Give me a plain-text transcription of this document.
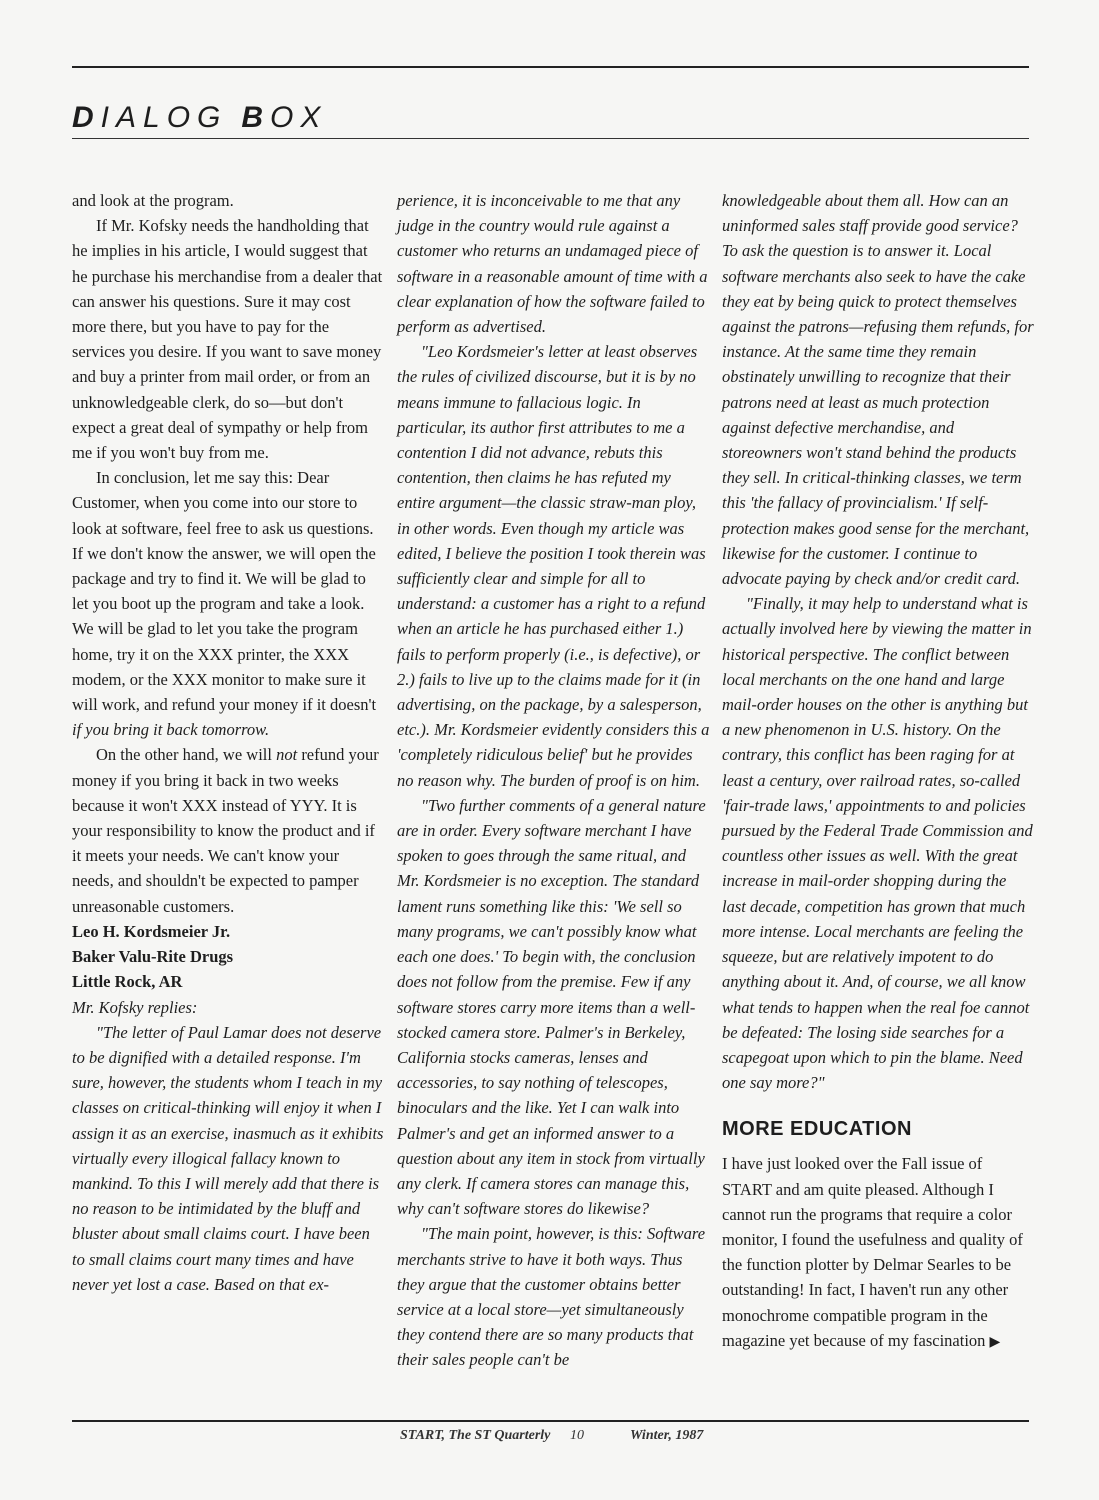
DIALOG BOX

and look at the program.

If Mr. Kofsky needs the handholding that he implies in his article, I would suggest that he purchase his merchandise from a dealer that can answer his questions. Sure it may cost more there, but you have to pay for the services you desire. If you want to save money and buy a printer from mail order, or from an unknowledgeable clerk, do so—but don't expect a great deal of sympathy or help from me if you won't buy from me.

In conclusion, let me say this: Dear Customer, when you come into our store to look at software, feel free to ask us questions. If we don't know the answer, we will open the package and try to find it. We will be glad to let you boot up the program and take a look. We will be glad to let you take the program home, try it on the XXX printer, the XXX modem, or the XXX monitor to make sure it will work, and refund your money if it doesn't if you bring it back tomorrow.

On the other hand, we will not refund your money if you bring it back in two weeks because it won't XXX instead of YYY. It is your responsibility to know the product and if it meets your needs. We can't know your needs, and shouldn't be expected to pamper unreasonable customers.

Leo H. Kordsmeier Jr.

Baker Valu-Rite Drugs

Little Rock, AR

Mr. Kofsky replies:

"The letter of Paul Lamar does not deserve to be dignified with a detailed response. I'm sure, however, the students whom I teach in my classes on critical-thinking will enjoy it when I assign it as an exercise, inasmuch as it exhibits virtually every illogical fallacy known to mankind. To this I will merely add that there is no reason to be intimidated by the bluff and bluster about small claims court. I have been to small claims court many times and have never yet lost a case. Based on that ex-

perience, it is inconceivable to me that any judge in the country would rule against a customer who returns an undamaged piece of software in a reasonable amount of time with a clear explanation of how the software failed to perform as advertised.

"Leo Kordsmeier's letter at least observes the rules of civilized discourse, but it is by no means immune to fallacious logic. In particular, its author first attributes to me a contention I did not advance, rebuts this contention, then claims he has refuted my entire argument—the classic straw-man ploy, in other words. Even though my article was edited, I believe the position I took therein was sufficiently clear and simple for all to understand: a customer has a right to a refund when an article he has purchased either 1.) fails to perform properly (i.e., is defective), or 2.) fails to live up to the claims made for it (in advertising, on the package, by a salesperson, etc.). Mr. Kordsmeier evidently considers this a 'completely ridiculous belief' but he provides no reason why. The burden of proof is on him.

"Two further comments of a general nature are in order. Every software merchant I have spoken to goes through the same ritual, and Mr. Kordsmeier is no exception. The standard lament runs something like this: 'We sell so many programs, we can't possibly know what each one does.' To begin with, the conclusion does not follow from the premise. Few if any software stores carry more items than a well-stocked camera store. Palmer's in Berkeley, California stocks cameras, lenses and accessories, to say nothing of telescopes, binoculars and the like. Yet I can walk into Palmer's and get an informed answer to a question about any item in stock from virtually any clerk. If camera stores can manage this, why can't software stores do likewise?

"The main point, however, is this: Software merchants strive to have it both ways. Thus they argue that the customer obtains better service at a local store—yet simultaneously they contend there are so many products that their sales people can't be

knowledgeable about them all. How can an uninformed sales staff provide good service? To ask the question is to answer it. Local software merchants also seek to have the cake they eat by being quick to protect themselves against the patrons—refusing them refunds, for instance. At the same time they remain obstinately unwilling to recognize that their patrons need at least as much protection against defective merchandise, and storeowners won't stand behind the products they sell. In critical-thinking classes, we term this 'the fallacy of provincialism.' If self-protection makes good sense for the merchant, likewise for the customer. I continue to advocate paying by check and/or credit card.

"Finally, it may help to understand what is actually involved here by viewing the matter in historical perspective. The conflict between local merchants on the one hand and large mail-order houses on the other is anything but a new phenomenon in U.S. history. On the contrary, this conflict has been raging for at least a century, over railroad rates, so-called 'fair-trade laws,' appointments to and policies pursued by the Federal Trade Commission and countless other issues as well. With the great increase in mail-order shopping during the last decade, competition has grown that much more intense. Local merchants are feeling the squeeze, but are relatively impotent to do anything about it. And, of course, we all know what tends to happen when the real foe cannot be defeated: The losing side searches for a scapegoat upon which to pin the blame. Need one say more?"

MORE EDUCATION

I have just looked over the Fall issue of START and am quite pleased. Although I cannot run the programs that require a color monitor, I found the usefulness and quality of the function plotter by Delmar Searles to be outstanding! In fact, I haven't run any other monochrome compatible program in the magazine yet because of my fascination ▶

START, The ST Quarterly 10	Winter, 1987
